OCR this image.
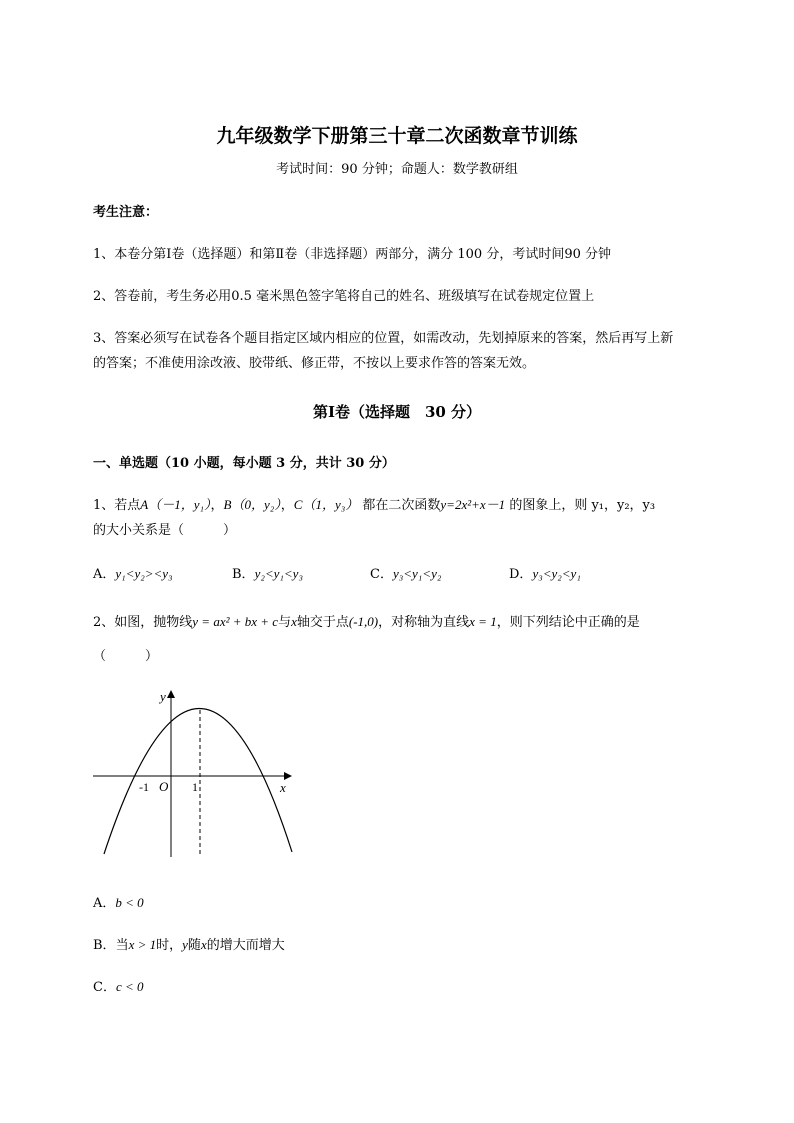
九年级数学下册第三十章二次函数章节训练
考试时间：90 分钟；命题人：数学教研组
考生注意：
1、本卷分第Ⅰ卷（选择题）和第Ⅱ卷（非选择题）两部分，满分 100 分，考试时间90 分钟
2、答卷前，考生务必用0.5 毫米黑色签字笔将自己的姓名、班级填写在试卷规定位置上
3、答案必须写在试卷各个题目指定区域内相应的位置，如需改动，先划掉原来的答案，然后再写上新
的答案；不准使用涂改液、胶带纸、修正带，不按以上要求作答的答案无效。
第Ⅰ卷（选择题　30 分）
一、单选题（10 小题，每小题 3 分，共计 30 分）
1、若点A（－1，y₁），B（0，y₂），C（1，y₃） 都在二次函数y=2x²+x－1 的图象上，则 y₁，y₂，y₃
的大小关系是（　　　）
A．y₁<y₂><y₃	B．y₂<y₁<y₃	C．y₃<y₁<y₂	D．y₃<y₂<y₁
2、如图，抛物线y = ax² + bx + c与x轴交于点(-1,0)，对称轴为直线x = 1，则下列结论中正确的是
（　　　）
y
x
O
-1	1
A．b < 0
B．当x > 1时，y随x的增大而增大
C．c < 0
